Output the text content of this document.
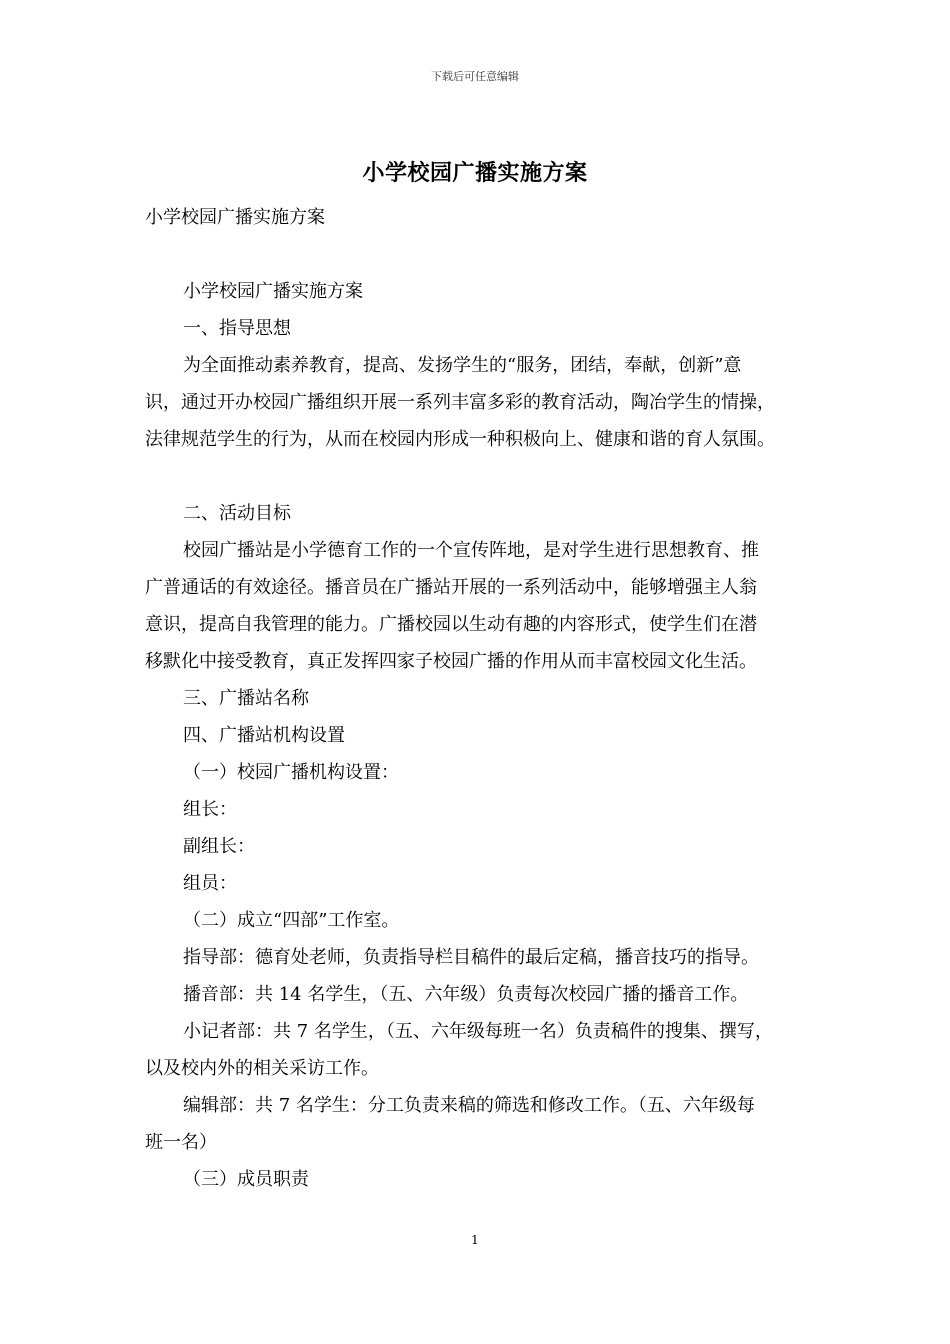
下载后可任意编辑
小学校园广播实施方案

小学校园广播实施方案

小学校园广播实施方案

一、指导思想

为全面推动素养教育，提高、发扬学生的“服务，团结，奉献，创新”意

识，通过开办校园广播组织开展一系列丰富多彩的教育活动，陶冶学生的情操，

法律规范学生的行为，从而在校园内形成一种积极向上、健康和谐的育人氛围。

二、活动目标

校园广播站是小学德育工作的一个宣传阵地，是对学生进行思想教育、推

广普通话的有效途径。播音员在广播站开展的一系列活动中，能够增强主人翁

意识，提高自我管理的能力。广播校园以生动有趣的内容形式，使学生们在潜

移默化中接受教育，真正发挥四家子校园广播的作用从而丰富校园文化生活。

三、广播站名称

四、广播站机构设置

（一）校园广播机构设置：

组长：

副组长：

组员：

（二）成立“四部”工作室。

指导部：德育处老师，负责指导栏目稿件的最后定稿，播音技巧的指导。

播音部：共 14 名学生，（五、六年级）负责每次校园广播的播音工作。

小记者部：共 7 名学生，（五、六年级每班一名）负责稿件的搜集、撰写，

以及校内外的相关采访工作。

编辑部：共 7 名学生：分工负责来稿的筛选和修改工作。（五、六年级每

班一名）

（三）成员职责

1
